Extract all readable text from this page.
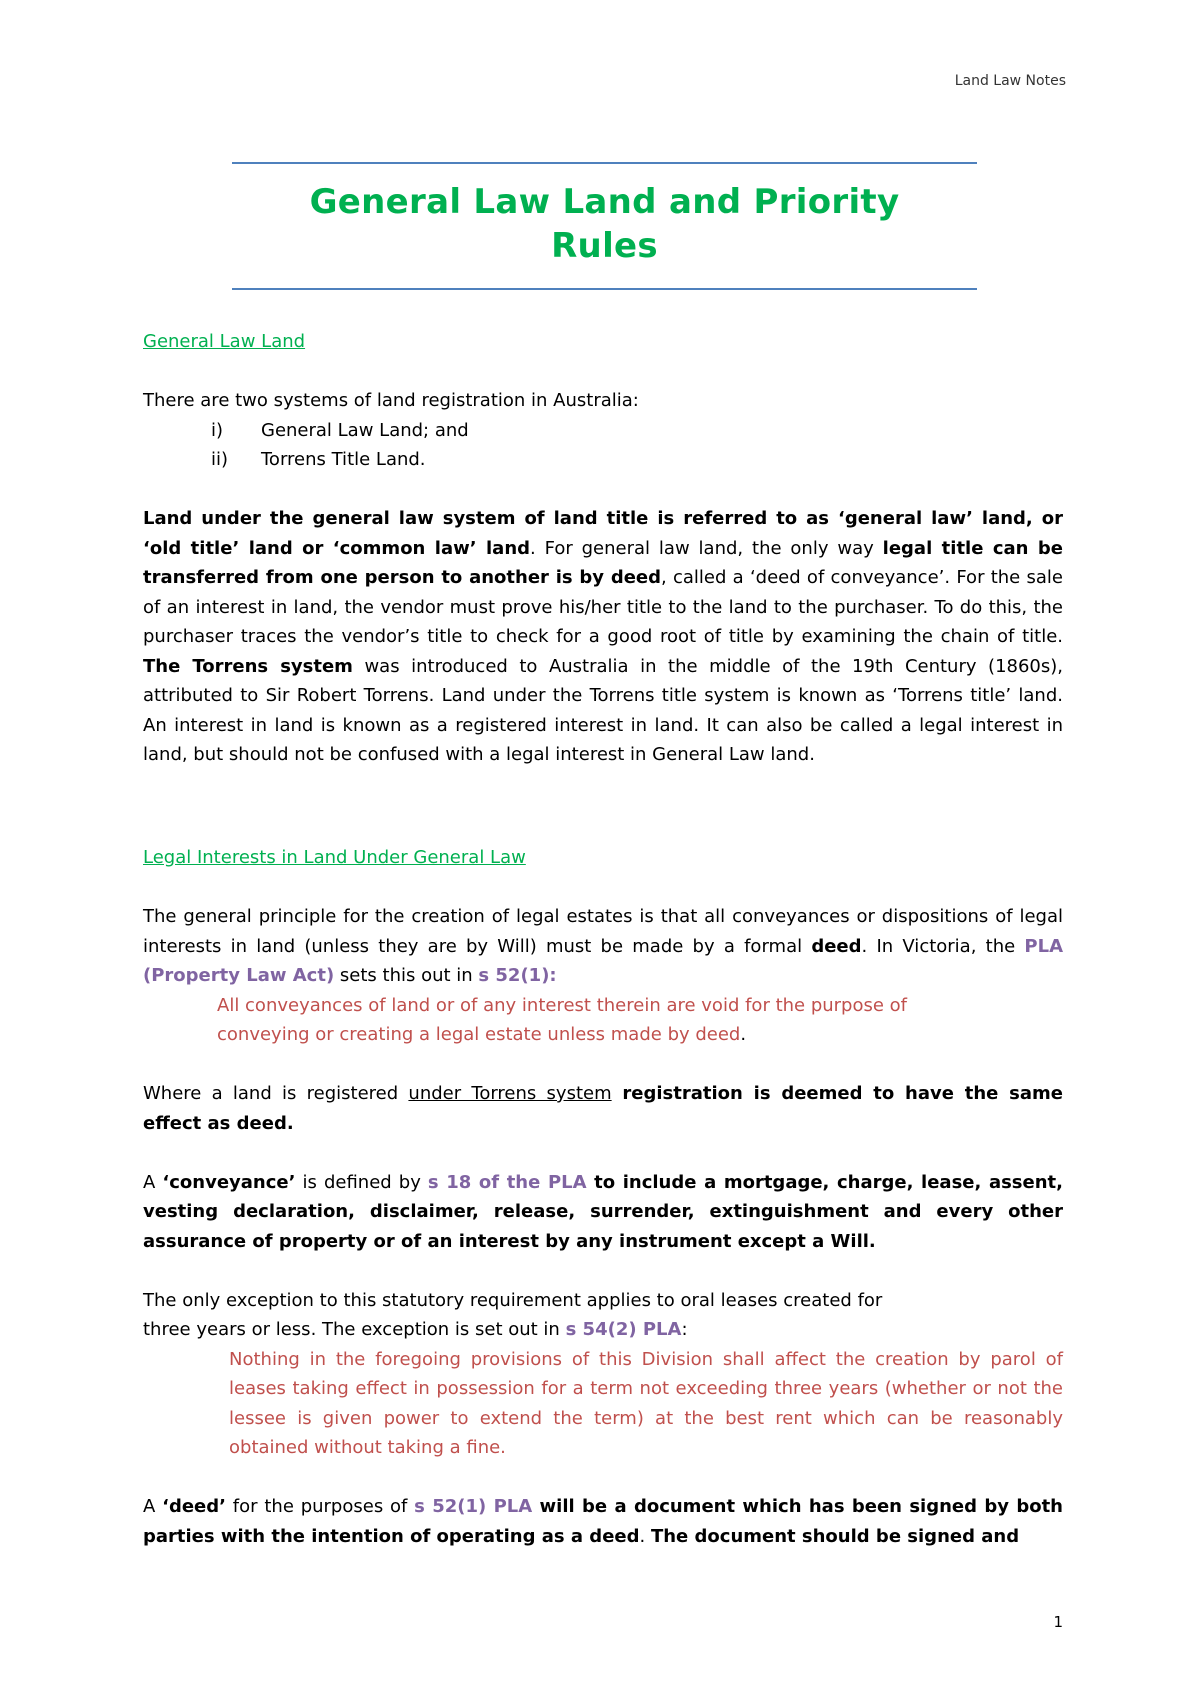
Land Law Notes
General Law Land and Priority
Rules

General Law Land

There are two systems of land registration in Australia:

i) General Law Land; and
ii) Torrens Title Land.

Land under the general law system of land title is referred to as ‘general law’ land, or ‘old title’ land or ‘common law’ land. For general law land, the only way legal title can be transferred from one person to another is by deed, called a ‘deed of conveyance’. For the sale of an interest in land, the vendor must prove his/her title to the land to the purchaser. To do this, the purchaser traces the vendor’s title to check for a good root of title by examining the chain of title. The Torrens system was introduced to Australia in the middle of the 19th Century (1860s), attributed to Sir Robert Torrens. Land under the Torrens title system is known as ‘Torrens title’ land. An interest in land is known as a registered interest in land. It can also be called a legal interest in land, but should not be confused with a legal interest in General Law land.

Legal Interests in Land Under General Law

The general principle for the creation of legal estates is that all conveyances or dispositions of legal interests in land (unless they are by Will) must be made by a formal deed. In Victoria, the PLA (Property Law Act) sets this out in s 52(1):

All conveyances of land or of any interest therein are void for the purpose of
conveying or creating a legal estate unless made by deed.

Where a land is registered under Torrens system registration is deemed to have the same effect as deed.

A ‘conveyance’ is defined by s 18 of the PLA to include a mortgage, charge, lease, assent, vesting declaration, disclaimer, release, surrender, extinguishment and every other assurance of property or of an interest by any instrument except a Will.

The only exception to this statutory requirement applies to oral leases created for
three years or less. The exception is set out in s 54(2) PLA:

Nothing in the foregoing provisions of this Division shall affect the creation by parol of leases taking effect in possession for a term not exceeding three years (whether or not the lessee is given power to extend the term) at the best rent which can be reasonably obtained without taking a fine.

A ‘deed’ for the purposes of s 52(1) PLA will be a document which has been signed by both parties with the intention of operating as a deed. The document should be signed and

1
